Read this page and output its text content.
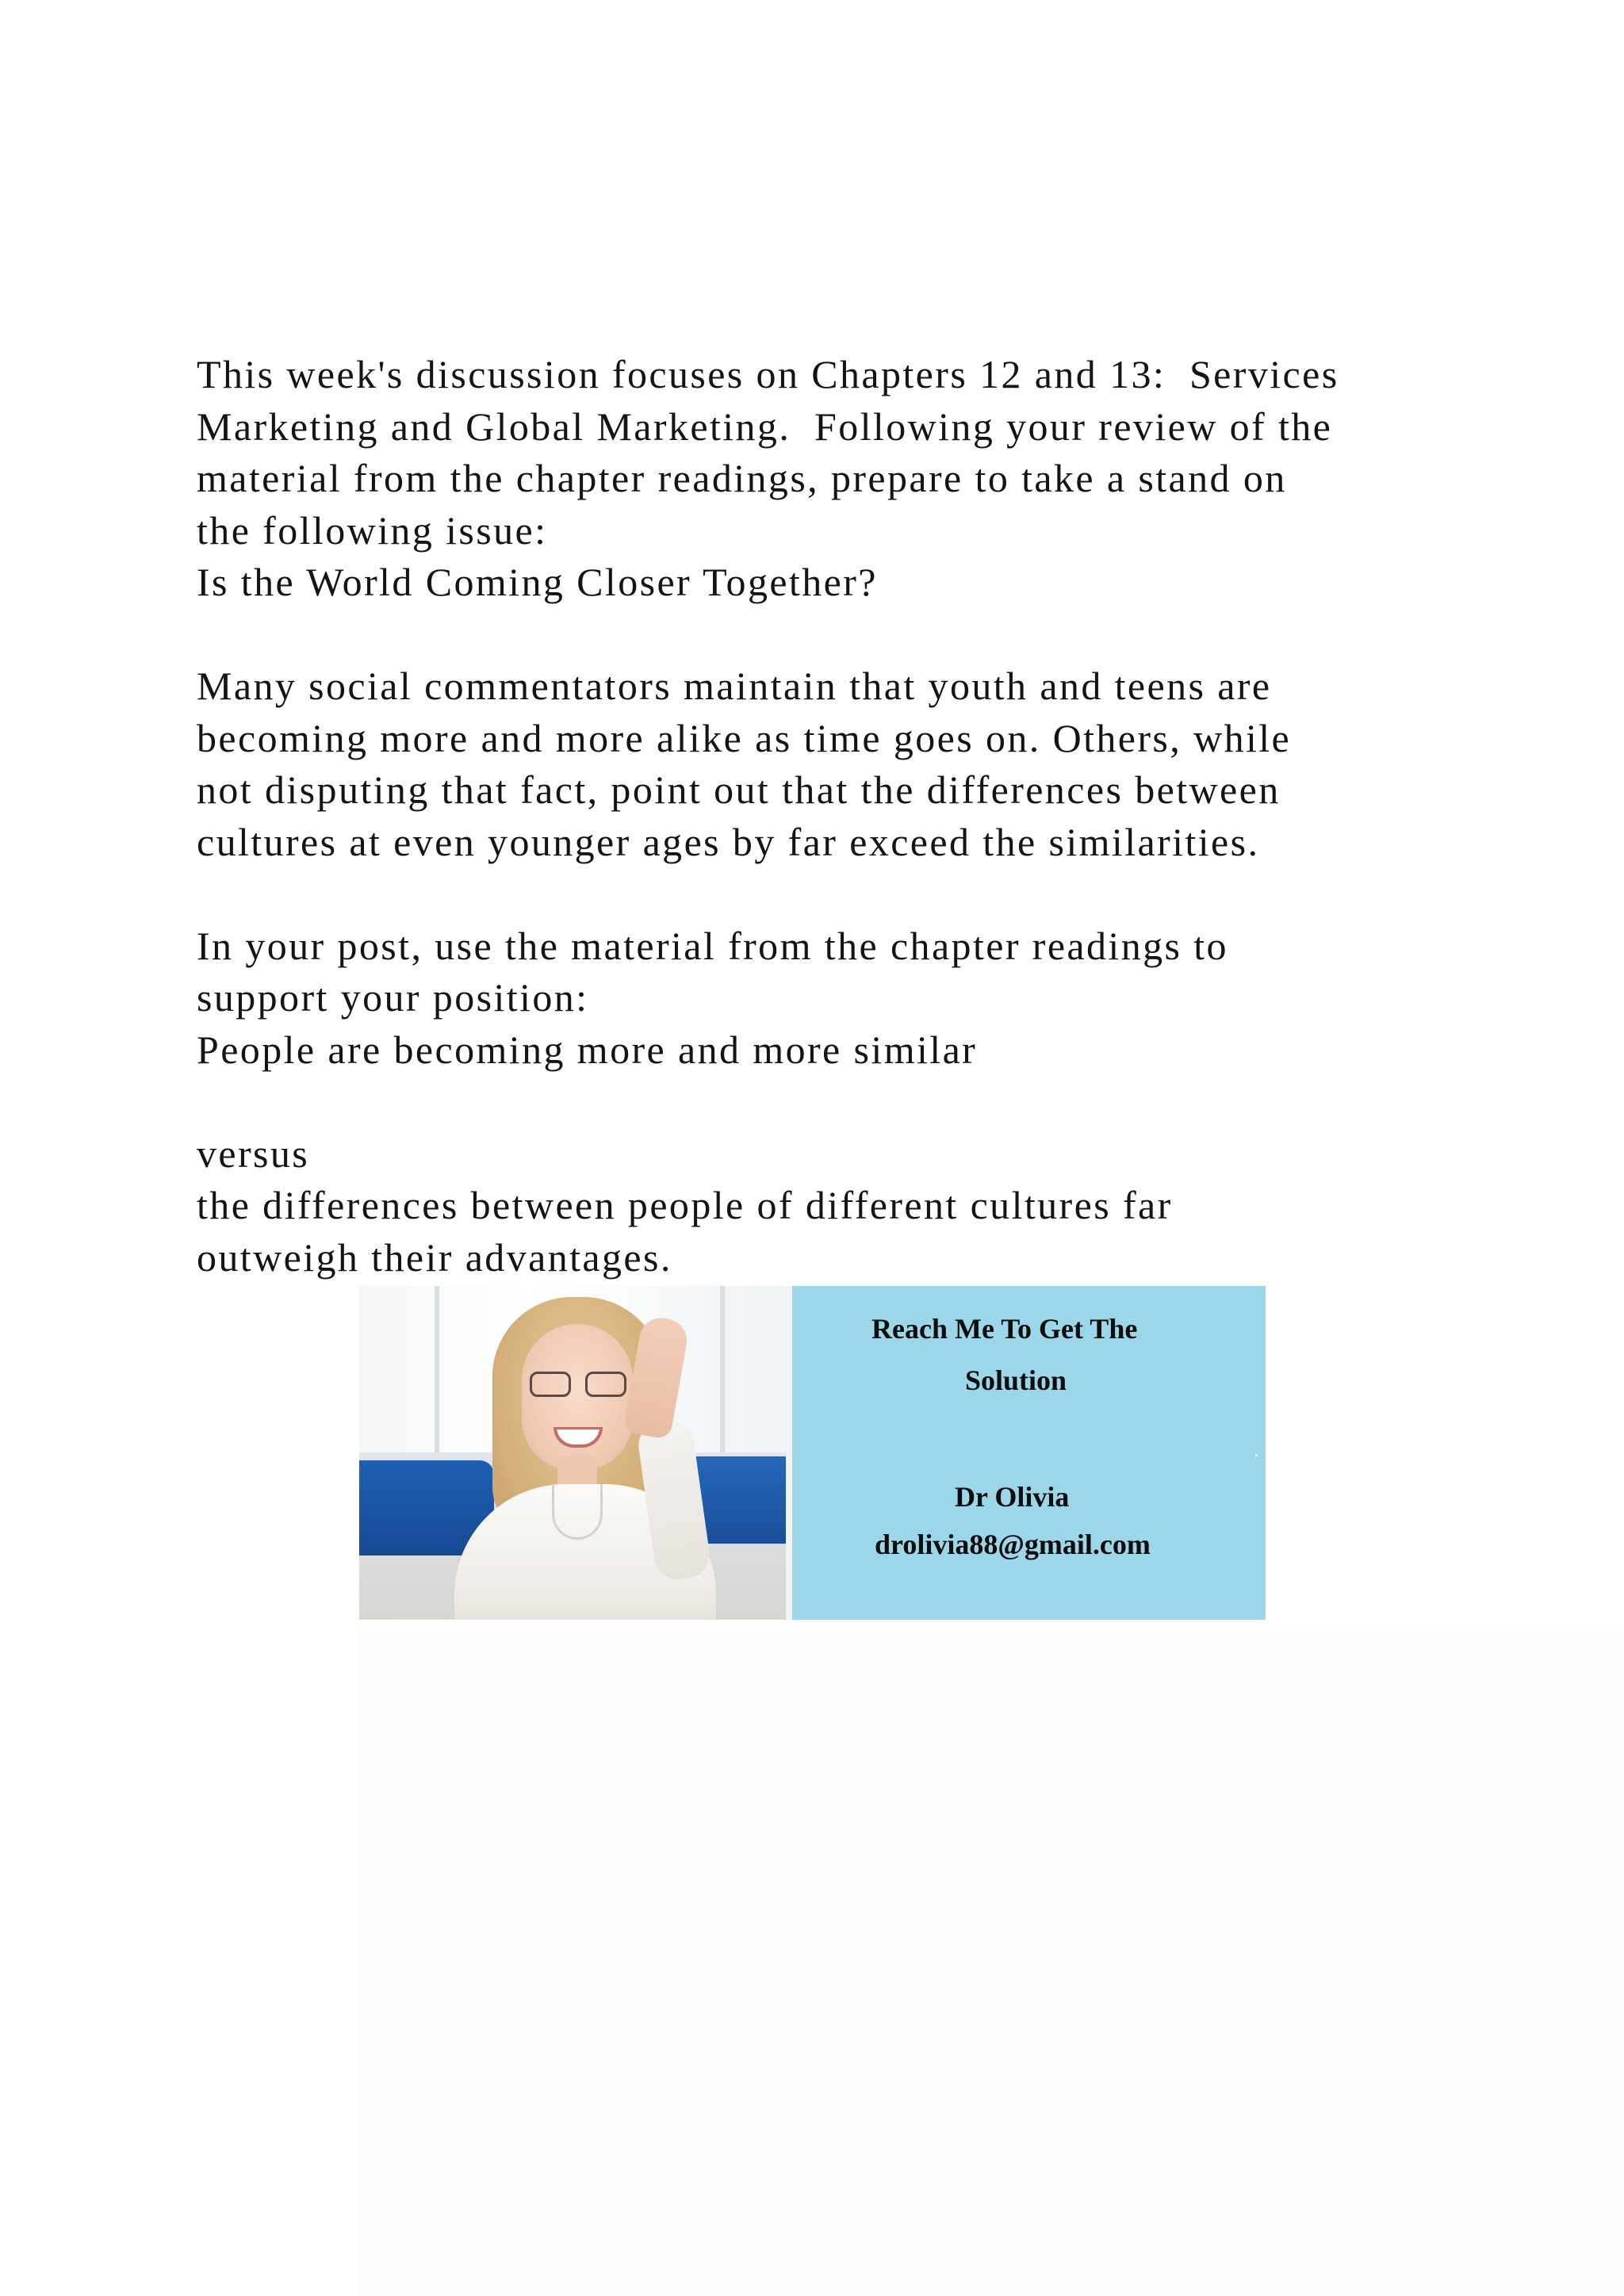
This week's discussion focuses on Chapters 12 and 13:  Services
Marketing and Global Marketing.  Following your review of the
material from the chapter readings, prepare to take a stand on
the following issue:
Is the World Coming Closer Together?
Many social commentators maintain that youth and teens are
becoming more and more alike as time goes on. Others, while
not disputing that fact, point out that the differences between
cultures at even younger ages by far exceed the similarities.
In your post, use the material from the chapter readings to
support your position:
People are becoming more and more similar
versus
the differences between people of different cultures far
outweigh their advantages.
Reach Me To Get The
Solution
Dr Olivia
drolivia88@gmail.com
